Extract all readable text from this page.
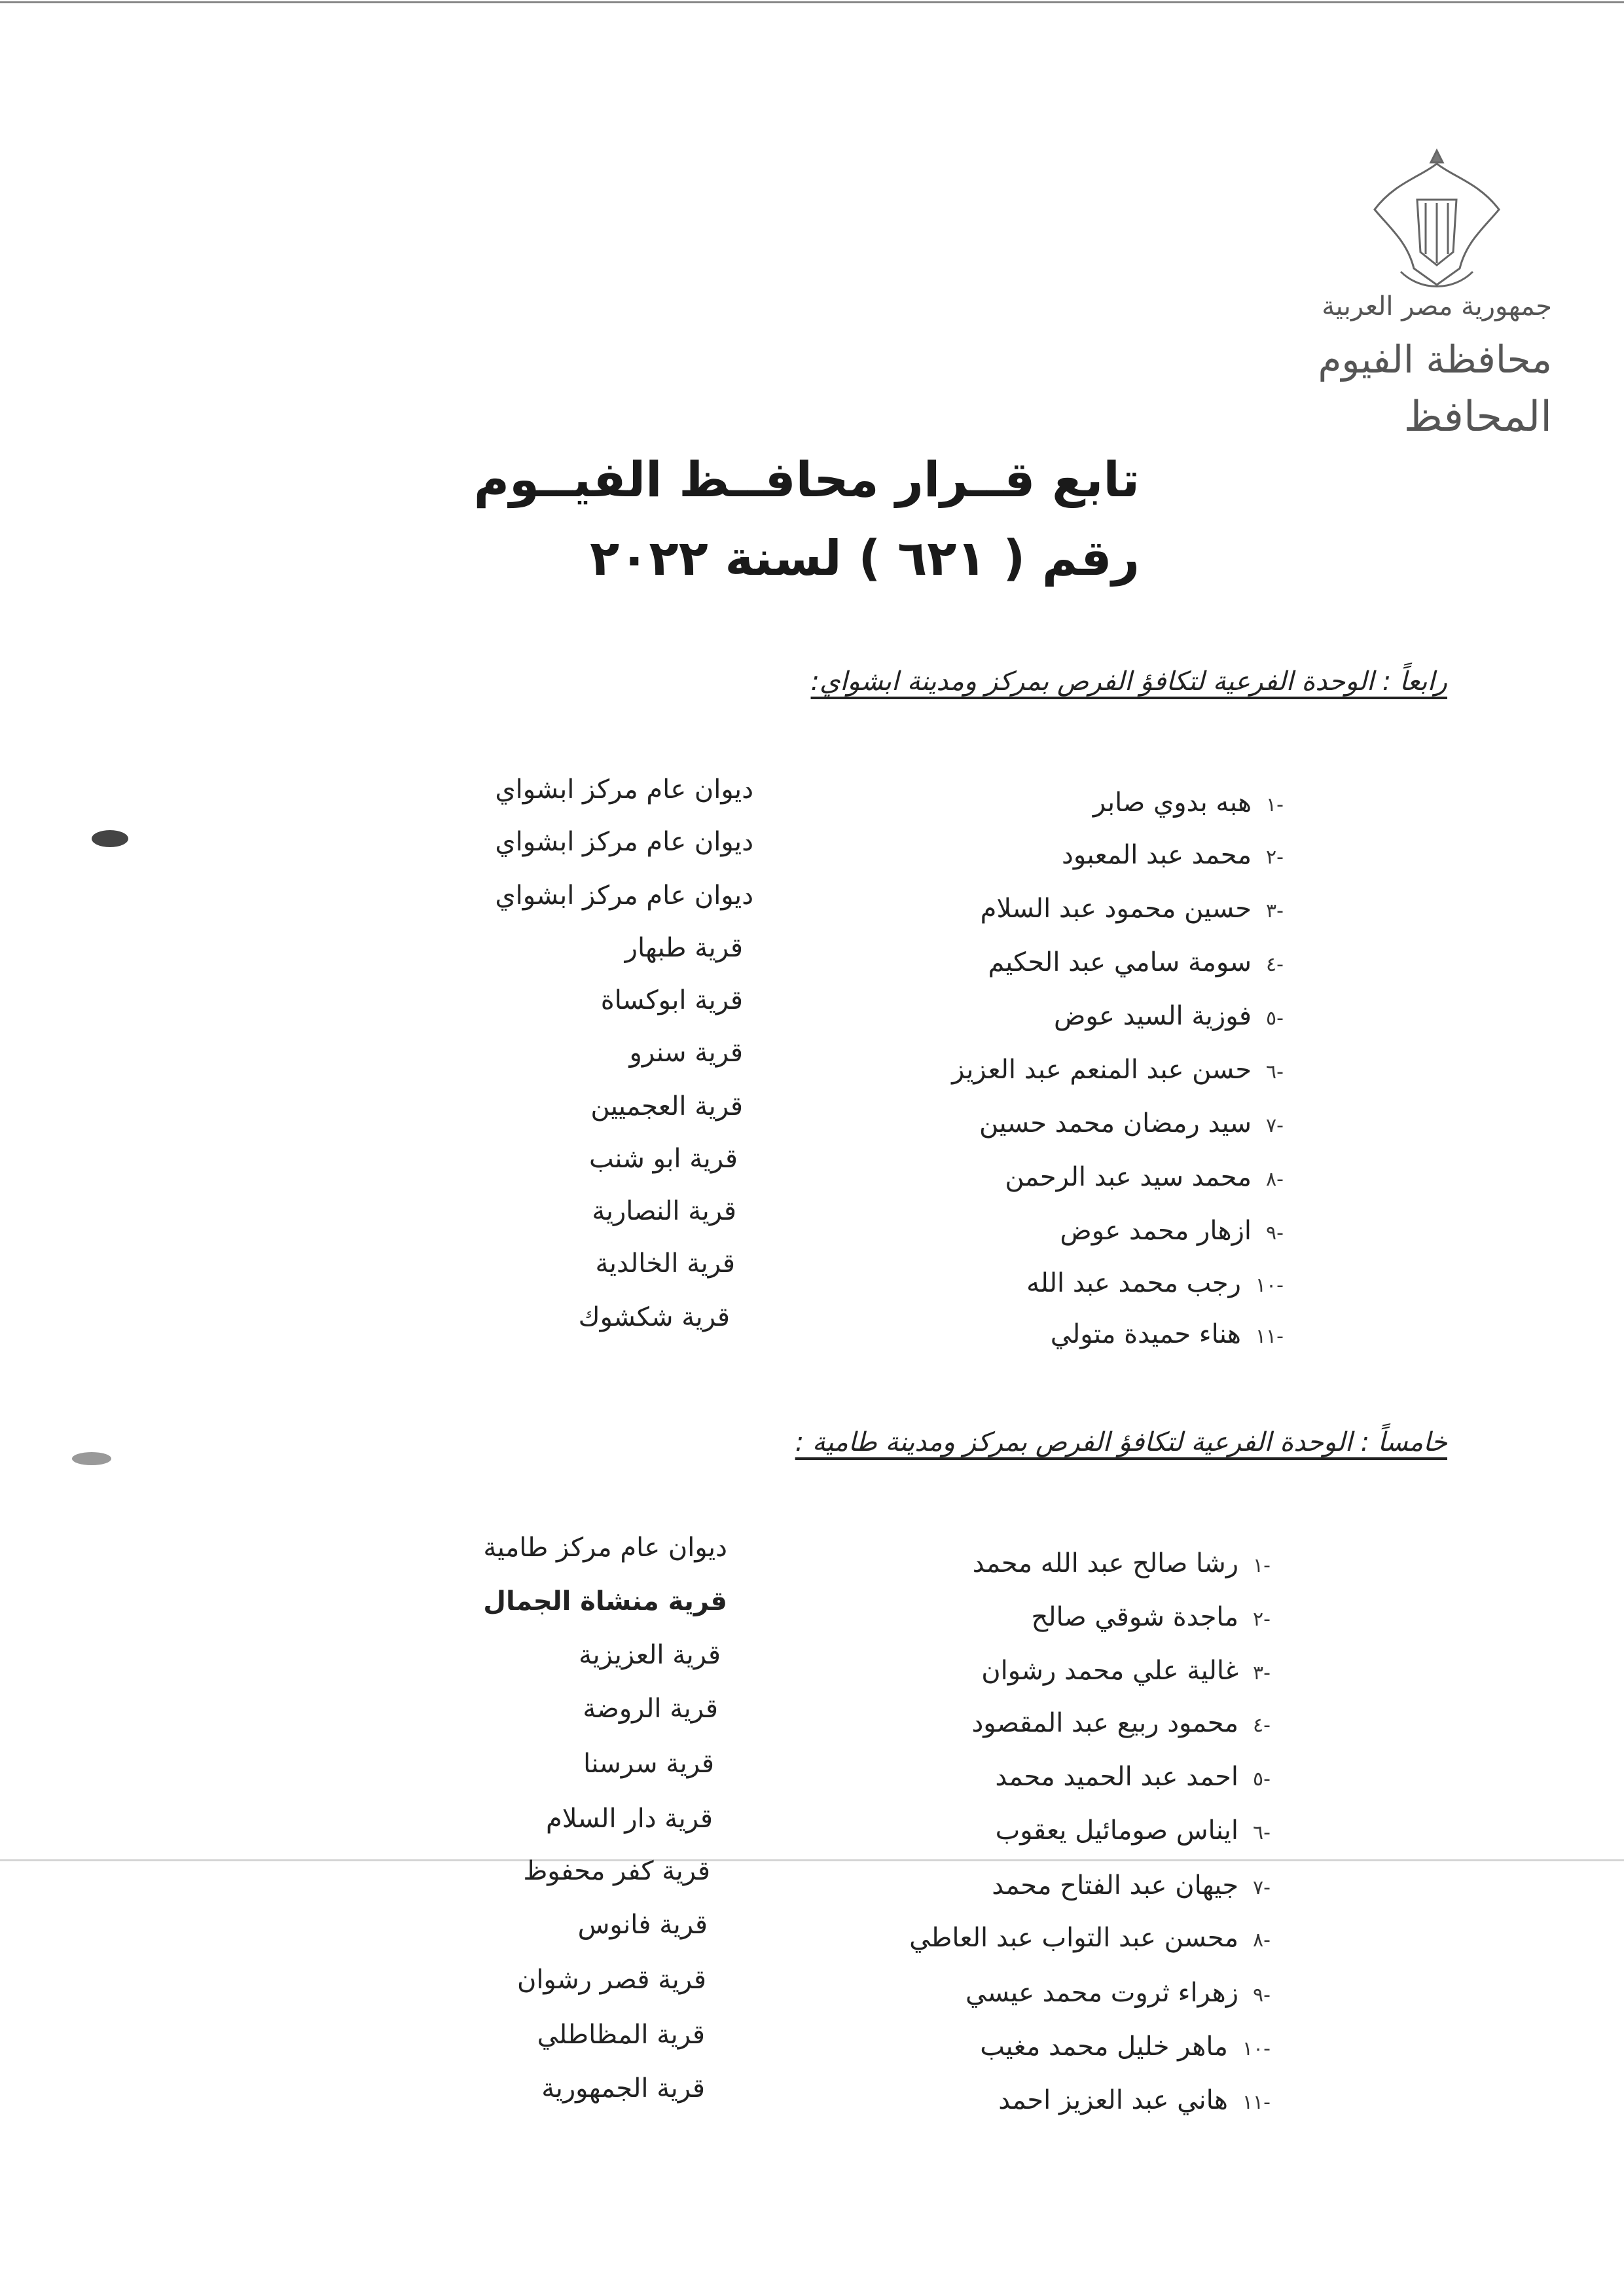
جمهورية مصر العربية
محافظة الفيوم
المحافظ
تابع قــرار محافــظ الفيــوم
رقم ( ٦٢١ ) لسنة ٢٠٢٢
رابعاً : الوحدة الفرعية لتكافؤ الفرص بمركز ومدينة ابشواي:
-١هبه بدوي صابر
-٢محمد عبد المعبود
-٣حسين محمود عبد السلام
-٤سومة سامي عبد الحكيم
-٥فوزية السيد عوض
-٦حسن عبد المنعم عبد العزيز
-٧سيد رمضان محمد حسين
-٨محمد سيد عبد الرحمن
-٩ازهار محمد عوض
-١٠رجب محمد عبد الله
-١١هناء حميدة متولي
ديوان عام مركز ابشواي
ديوان عام مركز ابشواي
ديوان عام مركز ابشواي
قرية طبهار
قرية ابوكساة
قرية سنرو
قرية العجميين
قرية ابو شنب
قرية النصارية
قرية الخالدية
قرية شكشوك
خامساً : الوحدة الفرعية لتكافؤ الفرص بمركز ومدينة طامية :
-١رشا صالح عبد الله محمد
-٢ماجدة شوقي صالح
-٣غالية علي محمد رشوان
-٤محمود ربيع عبد المقصود
-٥احمد عبد الحميد محمد
-٦ايناس صومائيل يعقوب
-٧جيهان عبد الفتاح محمد
-٨محسن عبد التواب عبد العاطي
-٩زهراء ثروت محمد عيسي
-١٠ماهر خليل محمد مغيب
-١١هاني عبد العزيز احمد
ديوان عام مركز طامية
قرية منشاة الجمال
قرية العزيزية
قرية الروضة
قرية سرسنا
قرية دار السلام
قرية كفر محفوظ
قرية فانوس
قرية قصر رشوان
قرية المظاطلي
قرية الجمهورية
